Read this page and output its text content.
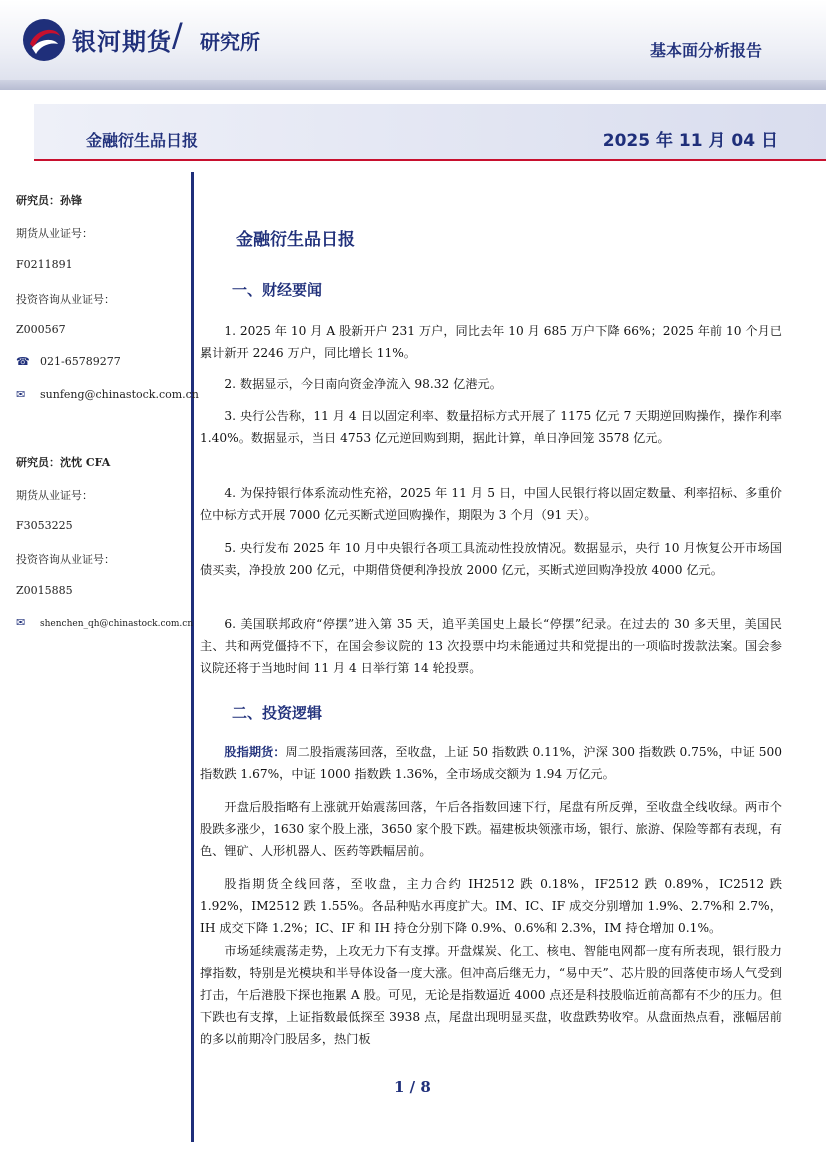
银河期货 / 研究所	基本面分析报告
金融衍生品日报	2025 年 11 月 04 日
研究员：孙锋
期货从业证号：
F0211891
投资咨询从业证号：
Z000567
☎ 021-65789277
✉ sunfeng@chinastock.com.cn
研究员：沈忱 CFA
期货从业证号：
F3053225
投资咨询从业证号：
Z0015885
✉ shenchen_qh@chinastock.com.cn
金融衍生品日报
一、财经要闻
1. 2025 年 10 月 A 股新开户 231 万户，同比去年 10 月 685 万户下降 66%；2025 年前 10 个月已累计新开 2246 万户，同比增长 11%。
2. 数据显示，今日南向资金净流入 98.32 亿港元。
3. 央行公告称，11 月 4 日以固定利率、数量招标方式开展了 1175 亿元 7 天期逆回购操作，操作利率 1.40%。数据显示，当日 4753 亿元逆回购到期，据此计算，单日净回笼 3578 亿元。
4. 为保持银行体系流动性充裕，2025 年 11 月 5 日，中国人民银行将以固定数量、利率招标、多重价位中标方式开展 7000 亿元买断式逆回购操作，期限为 3 个月（91 天）。
5. 央行发布 2025 年 10 月中央银行各项工具流动性投放情况。数据显示，央行 10 月恢复公开市场国债买卖，净投放 200 亿元，中期借贷便利净投放 2000 亿元，买断式逆回购净投放 4000 亿元。
6. 美国联邦政府“停摆”进入第 35 天，追平美国史上最长“停摆”纪录。在过去的 30 多天里，美国民主、共和两党僵持不下，在国会参议院的 13 次投票中均未能通过共和党提出的一项临时拨款法案。国会参议院还将于当地时间 11 月 4 日举行第 14 轮投票。
二、投资逻辑
股指期货：周二股指震荡回落，至收盘，上证 50 指数跌 0.11%，沪深 300 指数跌 0.75%，中证 500 指数跌 1.67%，中证 1000 指数跌 1.36%，全市场成交额为 1.94 万亿元。
开盘后股指略有上涨就开始震荡回落，午后各指数回速下行，尾盘有所反弹，至收盘全线收绿。两市个股跌多涨少，1630 家个股上涨，3650 家个股下跌。福建板块领涨市场，银行、旅游、保险等都有表现，有色、锂矿、人形机器人、医药等跌幅居前。
股指期货全线回落，至收盘，主力合约 IH2512 跌 0.18%，IF2512 跌 0.89%，IC2512 跌 1.92%，IM2512 跌 1.55%。各品种贴水再度扩大。IM、IC、IF 成交分别增加 1.9%、2.7%和 2.7%，IH 成交下降 1.2%；IC、IF 和 IH 持仓分别下降 0.9%、0.6%和 2.3%，IM 持仓增加 0.1%。
市场延续震荡走势，上攻无力下有支撑。开盘煤炭、化工、核电、智能电网都一度有所表现，银行股力撑指数，特别是光模块和半导体设备一度大涨。但冲高后继无力，“易中天”、芯片股的回落使市场人气受到打击，午后港股下探也拖累 A 股。可见，无论是指数逼近 4000 点还是科技股临近前高都有不少的压力。但下跌也有支撑，上证指数最低探至 3938 点，尾盘出现明显买盘，收盘跌势收窄。从盘面热点看，涨幅居前的多以前期冷门股居多，热门板
1 / 8
